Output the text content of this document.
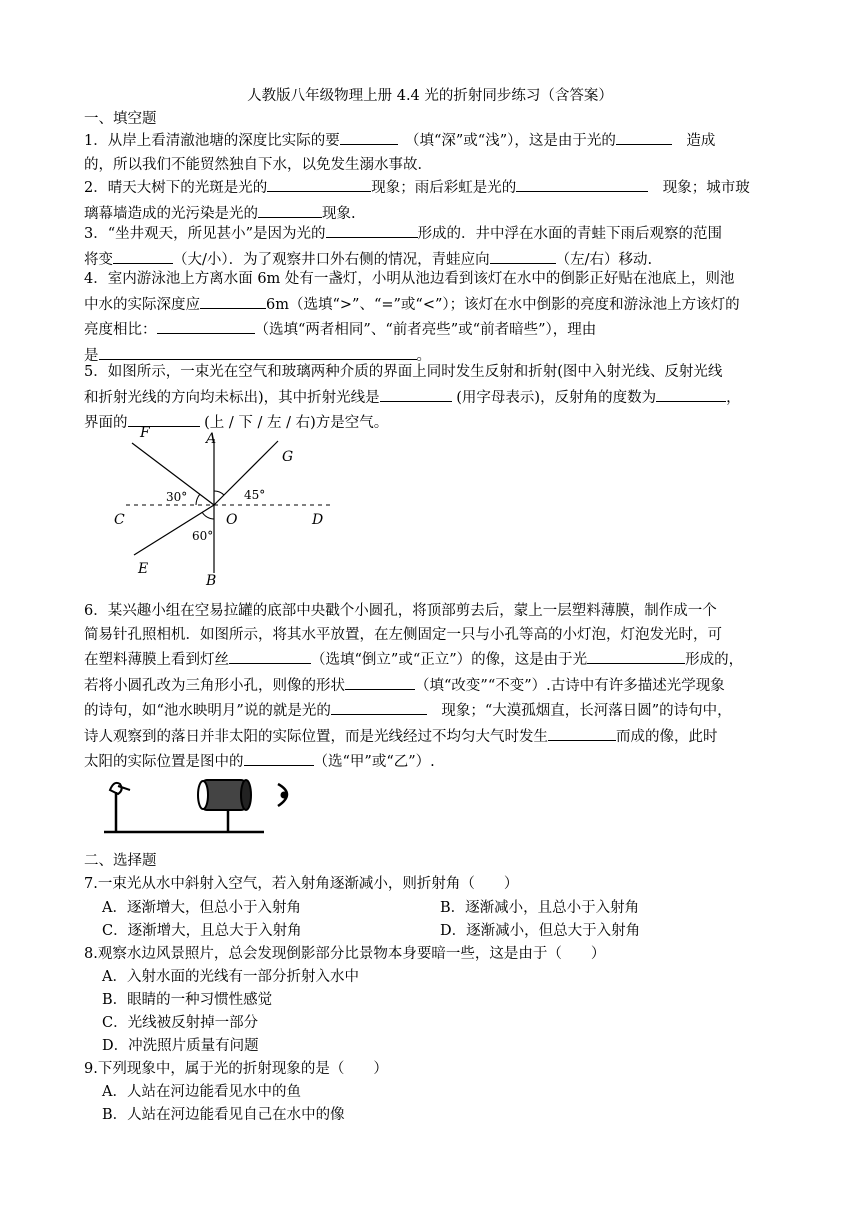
人教版八年级物理上册 4.4 光的折射同步练习（含答案）
一、填空题
1．从岸上看清澈池塘的深度比实际的要　	（填“深”或“浅”），这是由于光的　	造成
的，所以我们不能贸然独自下水，以免发生溺水事故．
2．晴天大树下的光斑是光的	现象；雨后彩虹是光的　	现象；城市玻
璃幕墙造成的光污染是光的	现象.
3．“坐井观天，所见甚小”是因为光的	形成的．井中浮在水面的青蛙下雨后观察的范围
将变	（大/小）．为了观察井口外右侧的情况，青蛙应向	（左/右）移动.
4．室内游泳池上方离水面 6m 处有一盏灯，小明从池边看到该灯在水中的倒影正好贴在池底上，则池
中水的实际深度应	6m（选填“>”、“=”或“<”）；该灯在水中倒影的亮度和游泳池上方该灯的
亮度相比：	（选填“两者相同”、“前者亮些”或“前者暗些”），理由
是	。
5．如图所示，一束光在空气和玻璃两种介质的界面上同时发生反射和折射(图中入射光线、反射光线
和折射光线的方向均未标出)，其中折射光线是	(用字母表示)，反射角的度数为	，
界面的	(上 / 下 / 左 / 右)方是空气。
A
B
C	D
E
F
G
O
30°	45°
60°
6．某兴趣小组在空易拉罐的底部中央戳个小圆孔，将顶部剪去后，蒙上一层塑料薄膜，制作成一个
简易针孔照相机．如图所示，将其水平放置，在左侧固定一只与小孔等高的小灯泡，灯泡发光时，可
在塑料薄膜上看到灯丝	（选填“倒立”或“正立”）的像，这是由于光	形成的，
若将小圆孔改为三角形小孔，则像的形状	（填“改变”“不变”）.古诗中有许多描述光学现象
的诗句，如“池水映明月”说的就是光的　	现象；“大漠孤烟直，长河落日圆”的诗句中，
诗人观察到的落日并非太阳的实际位置，而是光线经过不均匀大气时发生	而成的像，此时
太阳的实际位置是图中的	（选“甲”或“乙”）.
二、选择题
7.一束光从水中斜射入空气，若入射角逐渐减小，则折射角（　　）
A．逐渐增大，但总小于入射角	B．逐渐减小，且总小于入射角
C．逐渐增大，且总大于入射角	D．逐渐减小，但总大于入射角
8.观察水边风景照片，总会发现倒影部分比景物本身要暗一些，这是由于（　　）
A．入射水面的光线有一部分折射入水中
B．眼睛的一种习惯性感觉
C．光线被反射掉一部分
D．冲洗照片质量有问题
9.下列现象中，属于光的折射现象的是（　　）
A．人站在河边能看见水中的鱼
B．人站在河边能看见自己在水中的像
